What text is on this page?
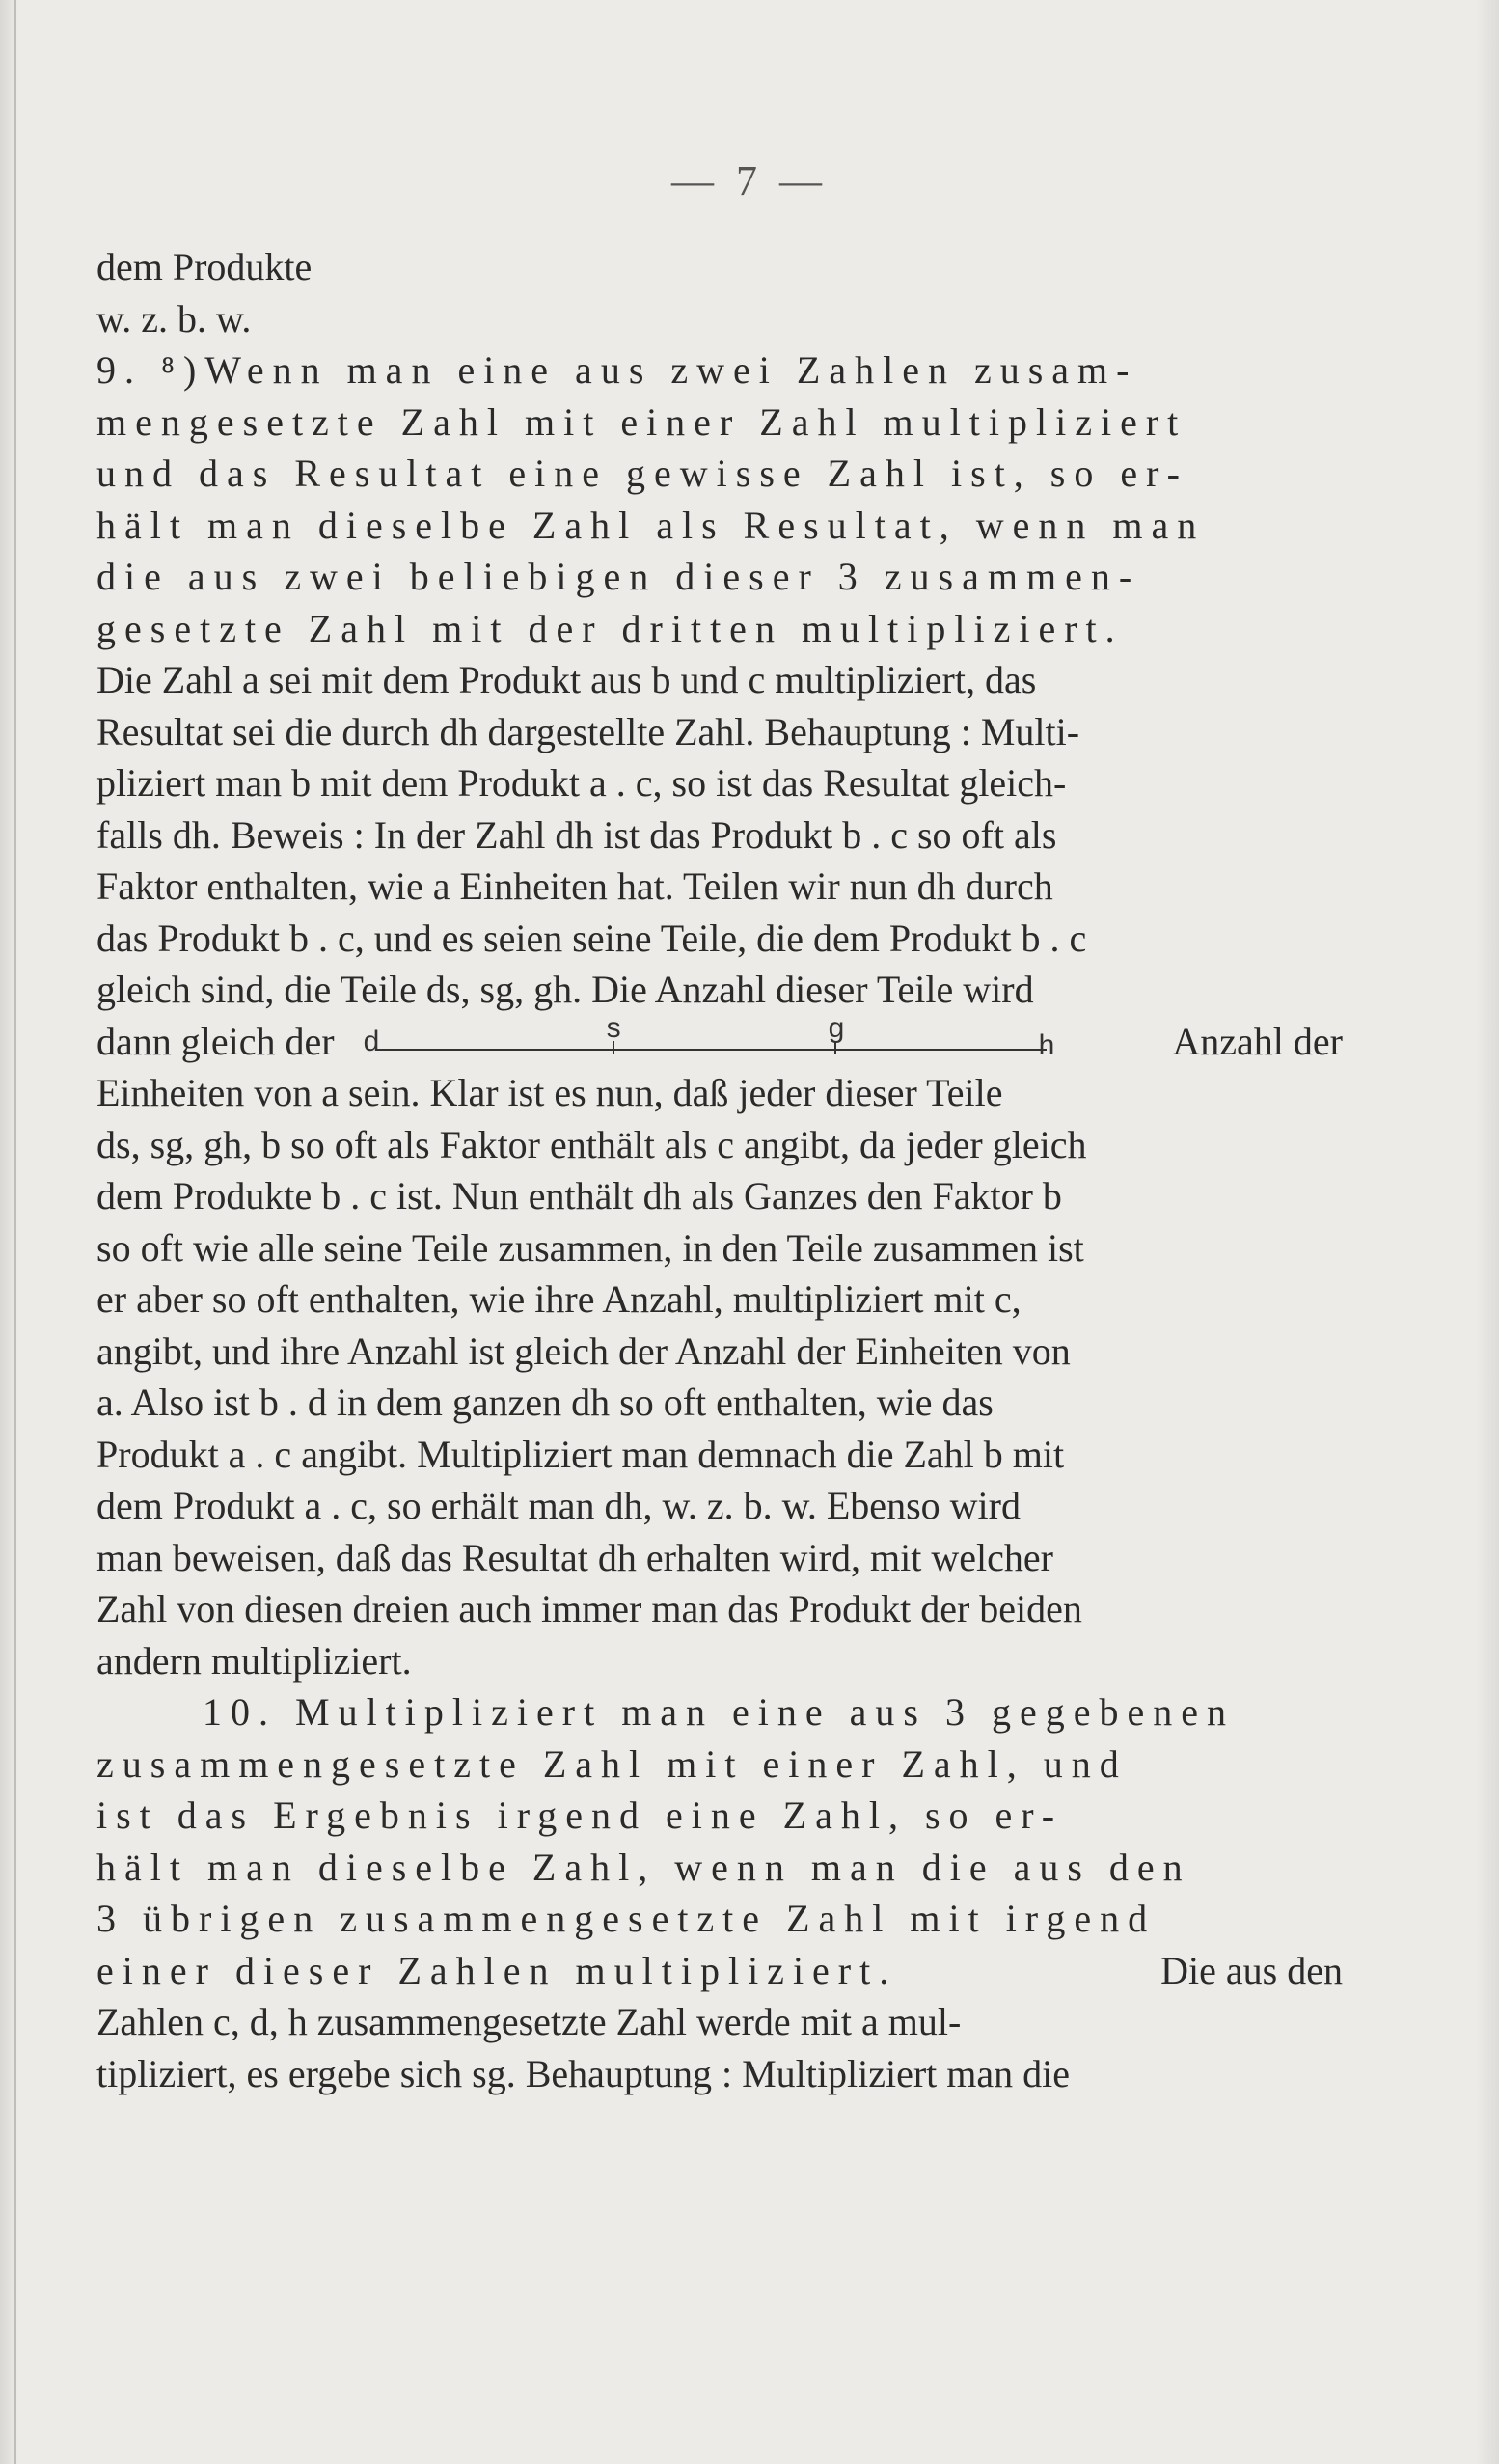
— 7 —
dem Produkte
w. z. b. w.
9. ⁸)Wenn man eine aus zwei Zahlen zusam-
mengesetzte Zahl mit einer Zahl multipliziert
und das Resultat eine gewisse Zahl ist, so er-
hält man dieselbe Zahl als Resultat, wenn man
die aus zwei beliebigen dieser 3 zusammen-
gesetzte Zahl mit der dritten multipliziert.
Die Zahl a sei mit dem Produkt aus b und c multipliziert, das
Resultat sei die durch dh dargestellte Zahl. Behauptung : Multi-
pliziert man b mit dem Produkt a . c, so ist das Resultat gleich-
falls dh. Beweis : In der Zahl dh ist das Produkt b . c so oft als
Faktor enthalten, wie a Einheiten hat. Teilen wir nun dh durch
das Produkt b . c, und es seien seine Teile, die dem Produkt b . c
gleich sind, die Teile ds, sg, gh. Die Anzahl dieser Teile wird
dann gleich der d	s	g
h	Anzahl der
Einheiten von a sein. Klar ist es nun, daß jeder dieser Teile
ds, sg, gh, b so oft als Faktor enthält als c angibt, da jeder gleich
dem Produkte b . c ist. Nun enthält dh als Ganzes den Faktor b
so oft wie alle seine Teile zusammen, in den Teile zusammen ist
er aber so oft enthalten, wie ihre Anzahl, multipliziert mit c,
angibt, und ihre Anzahl ist gleich der Anzahl der Einheiten von
a. Also ist b . d in dem ganzen dh so oft enthalten, wie das
Produkt a . c angibt. Multipliziert man demnach die Zahl b mit
dem Produkt a . c, so erhält man dh, w. z. b. w. Ebenso wird
man beweisen, daß das Resultat dh erhalten wird, mit welcher
Zahl von diesen dreien auch immer man das Produkt der beiden
andern multipliziert.
10. Multipliziert man eine aus 3 gegebenen
zusammengesetzte Zahl mit einer Zahl, und
ist das Ergebnis irgend eine Zahl, so er-
hält man dieselbe Zahl, wenn man die aus den
3 übrigen zusammengesetzte Zahl mit irgend
einer dieser Zahlen multipliziert.	Die aus den
Zahlen c, d, h zusammengesetzte Zahl werde mit a mul-
tipliziert, es ergebe sich sg. Behauptung : Multipliziert man die
